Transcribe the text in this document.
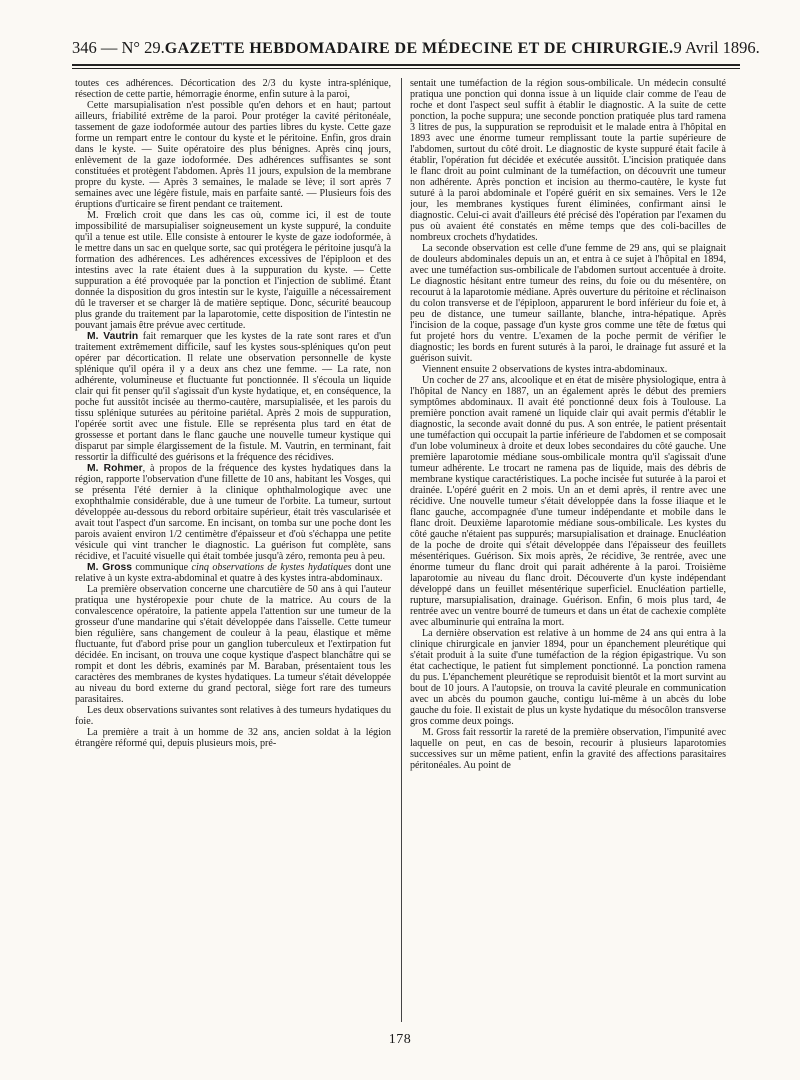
346 — N° 29. GAZETTE HEBDOMADAIRE DE MÉDECINE ET DE CHIRURGIE. 9 Avril 1896.

toutes ces adhérences. Décortication des 2/3 du kyste intra-splénique, résection de cette partie, hémorragie énorme, enfin suture à la paroi,

Cette marsupialisation n'est possible qu'en dehors et en haut; partout ailleurs, friabilité extrême de la paroi. Pour protéger la cavité péritonéale, tassement de gaze iodoformée autour des parties libres du kyste. Cette gaze forme un rempart entre le contour du kyste et le péritoine. Enfin, gros drain dans le kyste. — Suite opératoire des plus bénignes. Après cinq jours, enlèvement de la gaze iodoformée. Des adhérences suffisantes se sont constituées et protègent l'abdomen. Après 11 jours, expulsion de la membrane propre du kyste. — Après 3 semaines, le malade se lève; il sort après 7 semaines avec une légère fistule, mais en parfaite santé. — Plusieurs fois des éruptions d'urticaire se firent pendant ce traitement.

M. Frœlich croit que dans les cas où, comme ici, il est de toute impossibilité de marsupialiser soigneusement un kyste suppuré, la conduite qu'il a tenue est utile. Elle consiste à entourer le kyste de gaze iodoformée, à le mettre dans un sac en quelque sorte, sac qui protégera le péritoine jusqu'à la formation des adhérences. Les adhérences excessives de l'épiploon et des intestins avec la rate étaient dues à la suppuration du kyste. — Cette suppuration a été provoquée par la ponction et l'injection de sublimé. Étant donnée la disposition du gros intestin sur le kyste, l'aiguille a nécessairement dû le traverser et se charger là de matière septique. Donc, sécurité beaucoup plus grande du traitement par la laparotomie, cette disposition de l'intestin ne pouvant jamais être prévue avec certitude.

M. Vautrin fait remarquer que les kystes de la rate sont rares et d'un traitement extrêmement difficile, sauf les kystes sous-spléniques qu'on peut opérer par décortication. Il relate une observation personnelle de kyste splénique qu'il opéra il y a deux ans chez une femme. — La rate, non adhérente, volumineuse et fluctuante fut ponctionnée. Il s'écoula un liquide clair qui fit penser qu'il s'agissait d'un kyste hydatique, et, en conséquence, la poche fut aussitôt incisée au thermo-cautère, marsupialisée, et les parois du tissu splénique suturées au péritoine pariétal. Après 2 mois de suppuration, l'opérée sortit avec une fistule. Elle se représenta plus tard en état de grossesse et portant dans le flanc gauche une nouvelle tumeur kystique qui disparut par simple élargissement de la fistule. M. Vautrin, en terminant, fait ressortir la difficulté des guérisons et la fréquence des récidives.

M. Rohmer, à propos de la fréquence des kystes hydatiques dans la région, rapporte l'observation d'une fillette de 10 ans, habitant les Vosges, qui se présenta l'été dernier à la clinique ophthalmologique avec une exophthalmie considérable, due à une tumeur de l'orbite. La tumeur, surtout développée au-dessous du rebord orbitaire supérieur, était très vascularisée et avait tout l'aspect d'un sarcome. En incisant, on tomba sur une poche dont les parois avaient environ 1/2 centimètre d'épaisseur et d'où s'échappa une petite vésicule qui vint trancher le diagnostic. La guérison fut complète, sans récidive, et l'acuité visuelle qui était tombée jusqu'à zéro, remonta peu à peu.

M. Gross communique cinq observations de kystes hydatiques dont une relative à un kyste extra-abdominal et quatre à des kystes intra-abdominaux.

La première observation concerne une charcutière de 50 ans à qui l'auteur pratiqua une hystéropexie pour chute de la matrice. Au cours de la convalescence opératoire, la patiente appela l'attention sur une tumeur de la grosseur d'une mandarine qui s'était développée dans l'aisselle. Cette tumeur bien régulière, sans changement de couleur à la peau, élastique et même fluctuante, fut d'abord prise pour un ganglion tuberculeux et l'extirpation fut décidée. En incisant, on trouva une coque kystique d'aspect blanchâtre qui se rompit et dont les débris, examinés par M. Baraban, présentaient tous les caractères des membranes de kystes hydatiques. La tumeur s'était développée au niveau du bord externe du grand pectoral, siège fort rare des tumeurs parasitaires.

Les deux observations suivantes sont relatives à des tumeurs hydatiques du foie.

La première a trait à un homme de 32 ans, ancien soldat à la légion étrangère réformé qui, depuis plusieurs mois, pré-

sentait une tuméfaction de la région sous-ombilicale. Un médecin consulté pratiqua une ponction qui donna issue à un liquide clair comme de l'eau de roche et dont l'aspect seul suffit à établir le diagnostic. A la suite de cette ponction, la poche suppura; une seconde ponction pratiquée plus tard ramena 3 litres de pus, la suppuration se reproduisit et le malade entra à l'hôpital en 1893 avec une énorme tumeur remplissant toute la partie supérieure de l'abdomen, surtout du côté droit. Le diagnostic de kyste suppuré était facile à établir, l'opération fut décidée et exécutée aussitôt. L'incision pratiquée dans le flanc droit au point culminant de la tuméfaction, on découvrit une tumeur non adhérente. Après ponction et incision au thermo-cautère, le kyste fut suturé à la paroi abdominale et l'opéré guérit en six semaines. Vers le 12e jour, les membranes kystiques furent éliminées, confirmant ainsi le diagnostic. Celui-ci avait d'ailleurs été précisé dès l'opération par l'examen du pus où avaient été constatés en même temps que des coli-bacilles de nombreux crochets d'hydatides.

La seconde observation est celle d'une femme de 29 ans, qui se plaignait de douleurs abdominales depuis un an, et entra à ce sujet à l'hôpital en 1894, avec une tuméfaction sus-ombilicale de l'abdomen surtout accentuée à droite. Le diagnostic hésitant entre tumeur des reins, du foie ou du mésentère, on recourut à la laparotomie médiane. Après ouverture du péritoine et réclinaison du colon transverse et de l'épiploon, apparurent le bord inférieur du foie et, à peu de distance, une tumeur saillante, blanche, intra-hépatique. Après l'incision de la coque, passage d'un kyste gros comme une tête de fœtus qui fut projeté hors du ventre. L'examen de la poche permit de vérifier le diagnostic; les bords en furent suturés à la paroi, le drainage fut assuré et la guérison suivit.

Viennent ensuite 2 observations de kystes intra-abdominaux.

Un cocher de 27 ans, alcoolique et en état de misère physiologique, entra à l'hôpital de Nancy en 1887, un an également après le début des premiers symptômes abdominaux. Il avait été ponctionné deux fois à Toulouse. La première ponction avait ramené un liquide clair qui avait permis d'établir le diagnostic, la seconde avait donné du pus. A son entrée, le patient présentait une tuméfaction qui occupait la partie inférieure de l'abdomen et se composait d'un lobe volumineux à droite et deux lobes secondaires du côté gauche. Une première laparotomie médiane sous-ombilicale montra qu'il s'agissait d'une tumeur adhérente. Le trocart ne ramena pas de liquide, mais des débris de membrane kystique caractéristiques. La poche incisée fut suturée à la paroi et drainée. L'opéré guérit en 2 mois. Un an et demi après, il rentre avec une récidive. Une nouvelle tumeur s'était développée dans la fosse iliaque et le flanc gauche, accompagnée d'une tumeur indépendante et mobile dans le flanc droit. Deuxième laparotomie médiane sous-ombilicale. Les kystes du côté gauche n'étaient pas suppurés; marsupialisation et drainage. Enucléation de la poche de droite qui s'était développée dans l'épaisseur des feuillets mésentériques. Guérison. Six mois après, 2e récidive, 3e rentrée, avec une énorme tumeur du flanc droit qui parait adhérente à la paroi. Troisième laparotomie au niveau du flanc droit. Découverte d'un kyste indépendant développé dans un feuillet mésentérique superficiel. Enucléation partielle, rupture, marsupialisation, drainage. Guérison. Enfin, 6 mois plus tard, 4e rentrée avec un ventre bourré de tumeurs et dans un état de cachexie complète avec albuminurie qui entraîna la mort.

La dernière observation est relative à un homme de 24 ans qui entra à la clinique chirurgicale en janvier 1894, pour un épanchement pleurétique qui s'était produit à la suite d'une tuméfaction de la région épigastrique. Vu son état cachectique, le patient fut simplement ponctionné. La ponction ramena du pus. L'épanchement pleurétique se reproduisit bientôt et la mort survint au bout de 10 jours. A l'autopsie, on trouva la cavité pleurale en communication avec un abcès du poumon gauche, contigu lui-même à un abcès du lobe gauche du foie. Il existait de plus un kyste hydatique du mésocôlon transverse gros comme deux poings.

M. Gross fait ressortir la rareté de la première observation, l'impunité avec laquelle on peut, en cas de besoin, recourir à plusieurs laparotomies successives sur un même patient, enfin la gravité des affections parasitaires péritonéales. Au point de

178
